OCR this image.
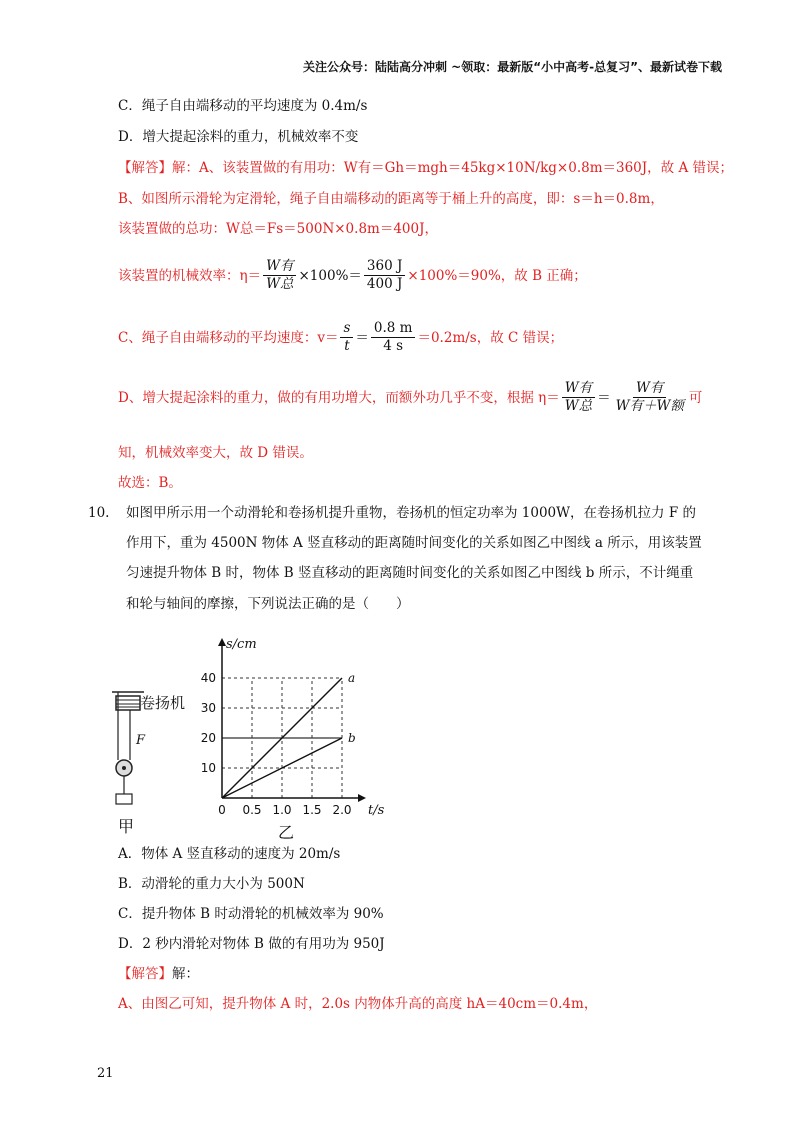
关注公众号：陆陆高分冲刺 ~领取：最新版“小中高考-总复习”、最新试卷下载
C．绳子自由端移动的平均速度为 0.4m/s
D．增大提起涂料的重力，机械效率不变
【解答】解：A、该装置做的有用功：W有＝Gh＝mgh＝45kg×10N/kg×0.8m＝360J，故 A 错误；
B、如图所示滑轮为定滑轮，绳子自由端移动的距离等于桶上升的高度，即：s＝h＝0.8m，
该装置做的总功：W总＝Fs＝500N×0.8m＝400J，
该装置的机械效率：$\eta= \frac{\text{W有}}{\text{W总}} \times 100\%= \frac{360 J}{400 J} \times 100\%=90\%$，故 B 正确；
C、绳子自由端移动的平均速度：$v= \frac{s}{t} = \frac{0.8 m}{4 s} =0.2m/s$，故 C 错误；
D、增大提起涂料的重力，做的有用功增大，而额外功几乎不变，根据 $\eta= \frac{\text{W有}}{\text{W总}} = \frac{\text{W有}}{\text{W有＋W额}}$ 可
知，机械效率变大，故 D 错误。
故选：B。
10. 如图甲所示用一个动滑轮和卷扬机提升重物，卷扬机的恒定功率为 1000W，在卷扬机拉力 F 的
作用下，重为 4500N 物体 A 竖直移动的距离随时间变化的关系如图乙中图线 a 所示，用该装置
匀速提升物体 B 时，物体 B 竖直移动的距离随时间变化的关系如图乙中图线 b 所示，不计绳重
和轮与轴间的摩擦，下列说法正确的是（　　）
卷扬机
F
甲
0 0.5 1.0 1.5 2.0
10
20
30
40
t/s
s/cm
a
b
乙
A．物体 A 竖直移动的速度为 20m/s
B．动滑轮的重力大小为 500N
C．提升物体 B 时动滑轮的机械效率为 90%
D．2 秒内滑轮对物体 B 做的有用功为 950J
【解答】解：
A、由图乙可知，提升物体 A 时，2.0s 内物体升高的高度 hA＝40cm＝0.4m，
21
